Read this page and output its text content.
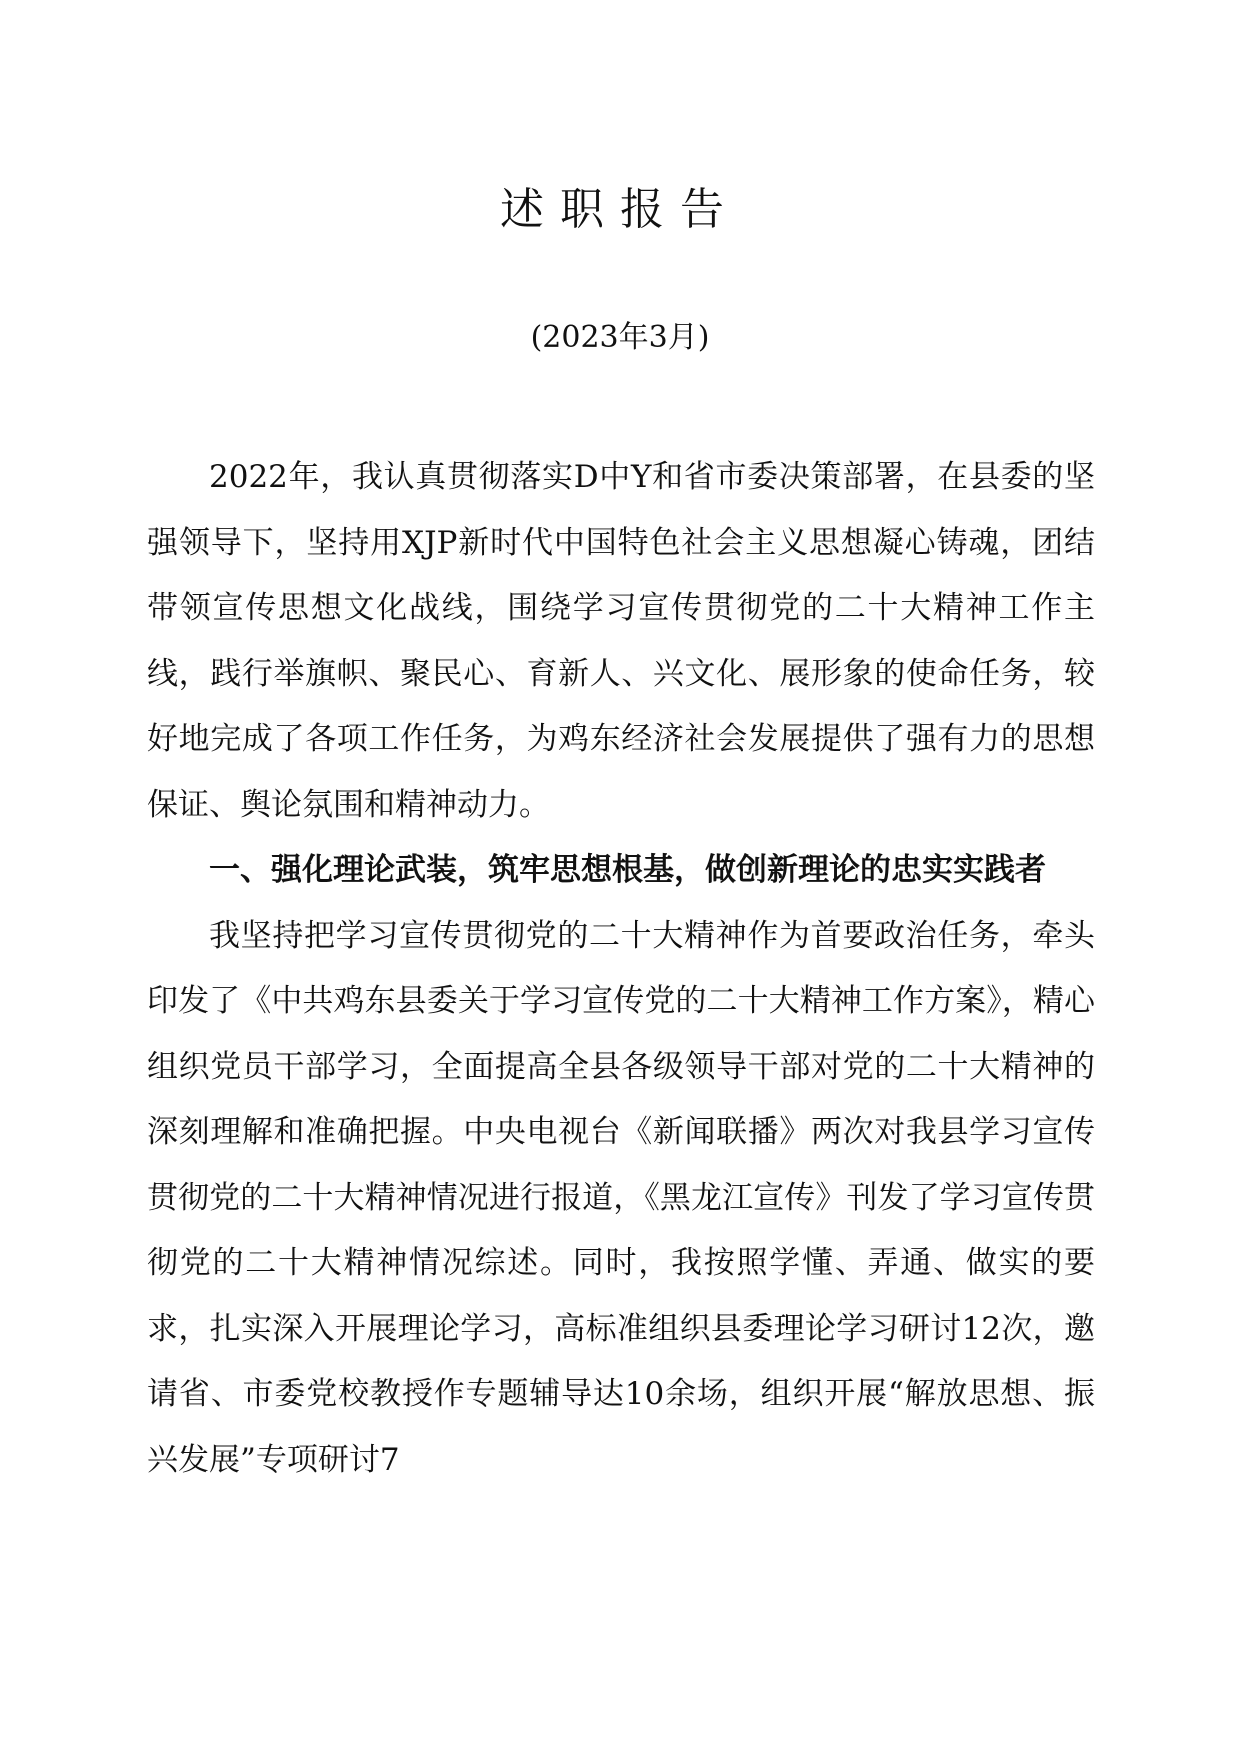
述职报告
(2023年3月)

2022年，我认真贯彻落实D中Y和省市委决策部署，在县委的坚强领导下，坚持用XJP新时代中国特色社会主义思想凝心铸魂，团结带领宣传思想文化战线，围绕学习宣传贯彻党的二十大精神工作主线，践行举旗帜、聚民心、育新人、兴文化、展形象的使命任务，较好地完成了各项工作任务，为鸡东经济社会发展提供了强有力的思想保证、舆论氛围和精神动力。

一、强化理论武装，筑牢思想根基，做创新理论的忠实实践者

我坚持把学习宣传贯彻党的二十大精神作为首要政治任务，牵头印发了《中共鸡东县委关于学习宣传党的二十大精神工作方案》，精心组织党员干部学习，全面提高全县各级领导干部对党的二十大精神的深刻理解和准确把握。中央电视台《新闻联播》两次对我县学习宣传贯彻党的二十大精神情况进行报道，《黑龙江宣传》刊发了学习宣传贯彻党的二十大精神情况综述。同时，我按照学懂、弄通、做实的要求，扎实深入开展理论学习，高标准组织县委理论学习研讨12次，邀请省、市委党校教授作专题辅导达10余场，组织开展“解放思想、振兴发展”专项研讨7
